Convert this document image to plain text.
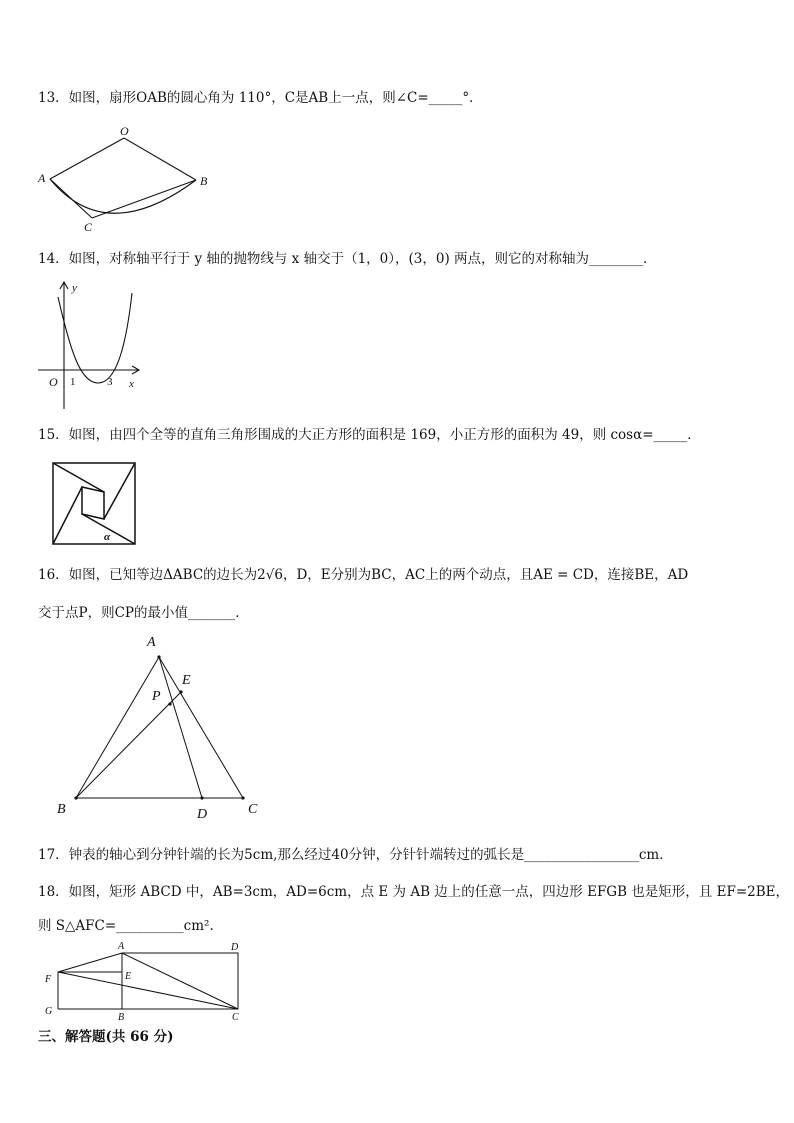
13．如图，扇形OAB的圆心角为 110°，C是AB上一点，则∠C=_____°．
O
A	B
C
14．如图，对称轴平行于 y 轴的抛物线与 x 轴交于（1，0），(3，0) 两点，则它的对称轴为________．
y
O 1	3 x
15．如图，由四个全等的直角三角形围成的大正方形的面积是 169，小正方形的面积为 49，则 cosα=_____．
α
16．如图，已知等边ΔABC的边长为2√6，D，E分别为BC，AC上的两个动点，且AE = CD，连接BE，AD
交于点P，则CP的最小值_______．
A
E
P
B	D	C
17．钟表的轴心到分钟针端的长为5cm,那么经过40分钟，分针针端转过的弧长是_________________cm．
18．如图，矩形 ABCD 中，AB=3cm，AD=6cm，点 E 为 AB 边上的任意一点，四边形 EFGB 也是矩形，且 EF=2BE，
则 S△AFC=__________cm².
A	D
F	E
G
B	C
三、解答题(共 66 分)
